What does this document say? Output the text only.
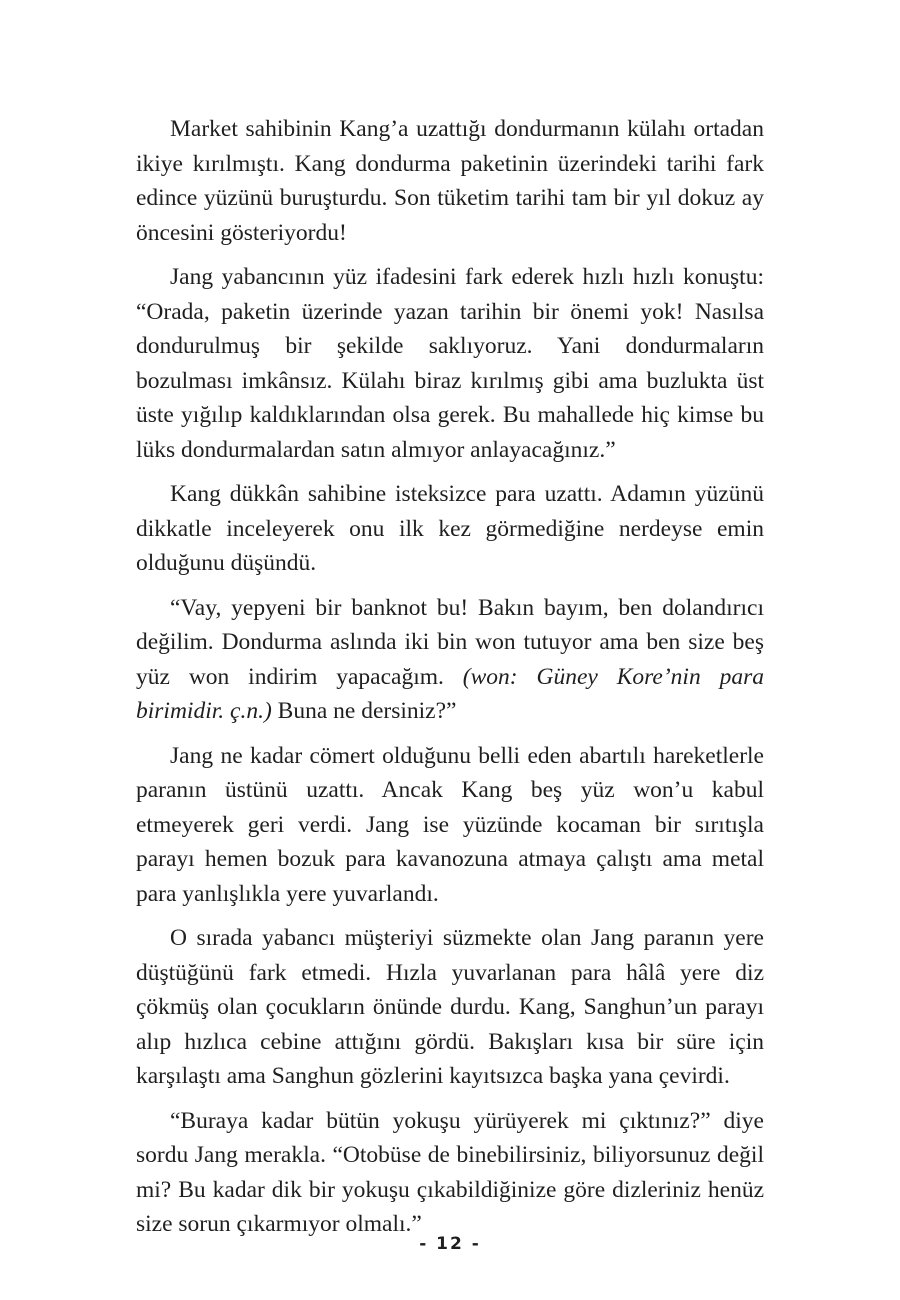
Market sahibinin Kang’a uzattığı dondurmanın külahı ortadan ikiye kırılmıştı. Kang dondurma paketinin üzerindeki tarihi fark edince yüzünü buruşturdu. Son tüketim tarihi tam bir yıl dokuz ay öncesini gösteriyordu!

Jang yabancının yüz ifadesini fark ederek hızlı hızlı konuştu: “Orada, paketin üzerinde yazan tarihin bir önemi yok! Nasılsa dondurulmuş bir şekilde saklıyoruz. Yani dondurmaların bozulması imkânsız. Külahı biraz kırılmış gibi ama buzlukta üst üste yığılıp kaldıklarından olsa gerek. Bu mahallede hiç kimse bu lüks dondurmalardan satın almıyor anlayacağınız.”

Kang dükkân sahibine isteksizce para uzattı. Adamın yüzünü dikkatle inceleyerek onu ilk kez görmediğine nerdeyse emin olduğunu düşündü.

“Vay, yepyeni bir banknot bu! Bakın bayım, ben dolandırıcı değilim. Dondurma aslında iki bin won tutuyor ama ben size beş yüz won indirim yapacağım. (won: Güney Kore’nin para birimidir. ç.n.) Buna ne dersiniz?”

Jang ne kadar cömert olduğunu belli eden abartılı hareketlerle paranın üstünü uzattı. Ancak Kang beş yüz won’u kabul etmeyerek geri verdi. Jang ise yüzünde kocaman bir sırıtışla parayı hemen bozuk para kavanozuna atmaya çalıştı ama metal para yanlışlıkla yere yuvarlandı.

O sırada yabancı müşteriyi süzmekte olan Jang paranın yere düştüğünü fark etmedi. Hızla yuvarlanan para hâlâ yere diz çökmüş olan çocukların önünde durdu. Kang, Sanghun’un parayı alıp hızlıca cebine attığını gördü. Bakışları kısa bir süre için karşılaştı ama Sanghun gözlerini kayıtsızca başka yana çevirdi.

“Buraya kadar bütün yokuşu yürüyerek mi çıktınız?” diye sordu Jang merakla. “Otobüse de binebilirsiniz, biliyorsunuz değil mi? Bu kadar dik bir yokuşu çıkabildiğinize göre dizleriniz henüz size sorun çıkarmıyor olmalı.”

- 12 -
